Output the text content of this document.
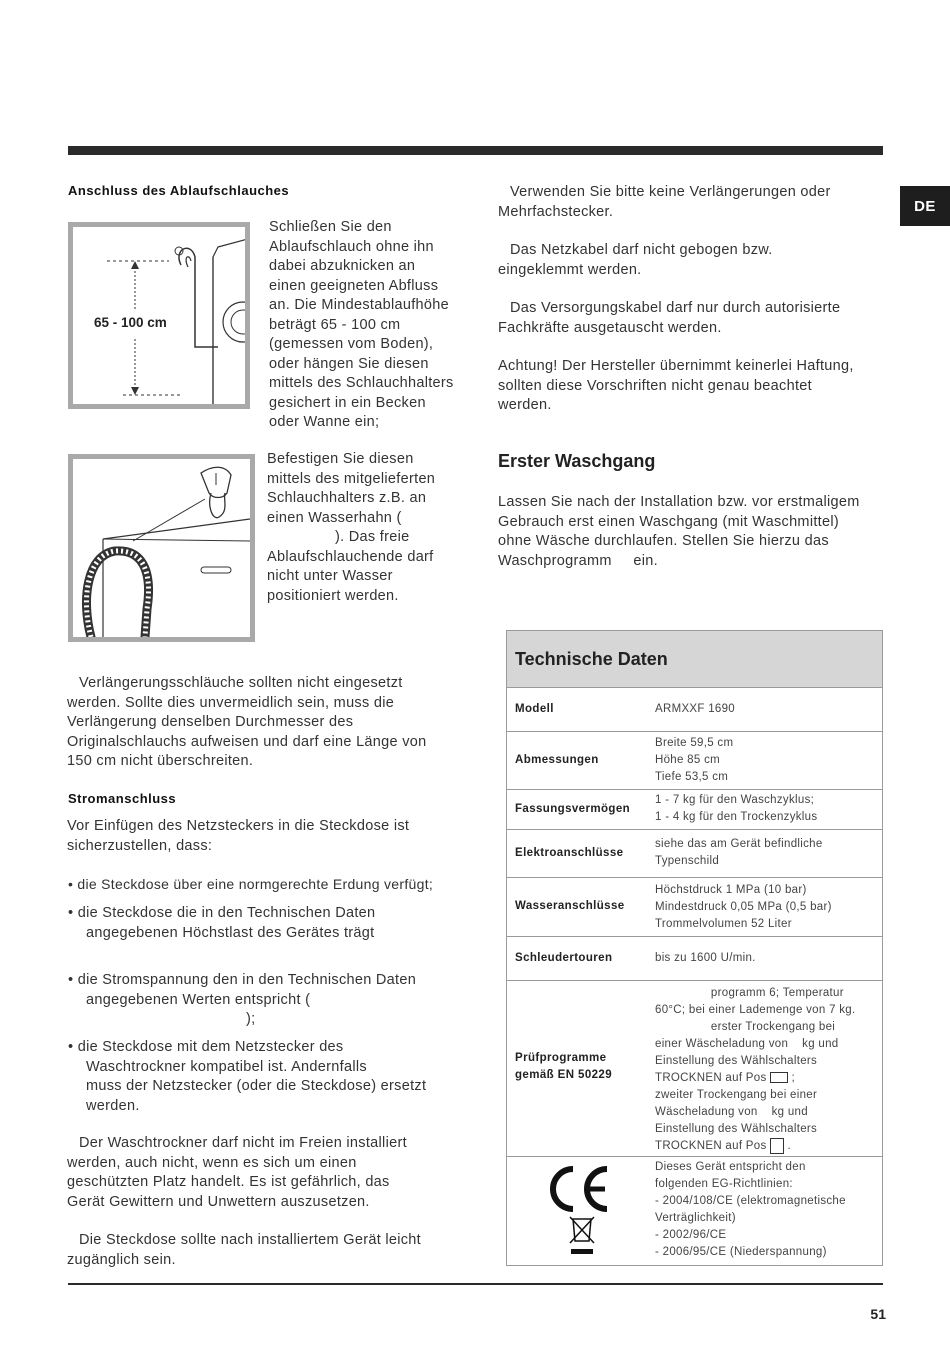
DE
51
Anschluss des Ablaufschlauches
65 - 100 cm
Schließen Sie den
Ablaufschlauch ohne ihn
dabei abzuknicken an
einen geeigneten Abfluss
an. Die Mindestablaufhöhe
beträgt 65 - 100 cm
(gemessen vom Boden),
oder hängen Sie diesen
mittels des Schlauchhalters
gesichert in ein Becken
oder Wanne ein;
Befestigen Sie diesen
mittels des mitgelieferten
Schlauchhalters z.B. an
einen Wasserhahn (
). Das freie
Ablaufschlauchende darf
nicht unter Wasser
positioniert werden.
Verlängerungsschläuche sollten nicht eingesetzt
werden. Sollte dies unvermeidlich sein, muss die
Verlängerung denselben Durchmesser des
Originalschlauchs aufweisen und darf eine Länge von
150 cm nicht überschreiten.
Stromanschluss
Vor Einfügen des Netzsteckers in die Steckdose ist
sicherzustellen, dass:
• die Steckdose über eine normgerechte Erdung verfügt;
• die Steckdose die in den Technischen Daten
angegebenen Höchstlast des Gerätes trägt
• die Stromspannung den in den Technischen Daten
angegebenen Werten entspricht (
);
• die Steckdose mit dem Netzstecker des
Waschtrockner kompatibel ist. Andernfalls
muss der Netzstecker (oder die Steckdose) ersetzt
werden.
Der Waschtrockner darf nicht im Freien installiert
werden, auch nicht, wenn es sich um einen
geschützten Platz handelt. Es ist gefährlich, das
Gerät Gewittern und Unwettern auszusetzen.
Die Steckdose sollte nach installiertem Gerät leicht
zugänglich sein.
Verwenden Sie bitte keine Verlängerungen oder
Mehrfachstecker.
Das Netzkabel darf nicht gebogen bzw.
eingeklemmt werden.
Das Versorgungskabel darf nur durch autorisierte
Fachkräfte ausgetauscht werden.
Achtung! Der Hersteller übernimmt keinerlei Haftung,
sollten diese Vorschriften nicht genau beachtet
werden.
Erster Waschgang
Lassen Sie nach der Installation bzw. vor erstmaligem
Gebrauch erst einen Waschgang (mit Waschmittel)
ohne Wäsche durchlaufen. Stellen Sie hierzu das
Waschprogramm     ein.
Technische Daten
Modell	ARMXXF 1690
Abmessungen
Breite 59,5 cm
Höhe 85 cm
Tiefe 53,5 cm
Fassungsvermögen
1 - 7 kg für den Waschzyklus;
1 - 4 kg für den Trockenzyklus
Elektroanschlüsse
siehe das am Gerät befindliche
Typenschild
Wasseranschlüsse
Höchstdruck 1 MPa (10 bar)
Mindestdruck 0,05 MPa (0,5 bar)
Trommelvolumen 52 Liter
Schleudertouren	bis zu 1600 U/min.
Prüfprogramme
gemäß EN 50229
programm 6; Temperatur
60°C; bei einer Lademenge von 7 kg.
erster Trockengang bei
einer Wäscheladung von    kg und
Einstellung des Wählschalters
TROCKNEN auf Pos  ;
zweiter Trockengang bei einer
Wäscheladung von    kg und
Einstellung des Wählschalters
TROCKNEN auf Pos  .
Dieses Gerät entspricht den
folgenden EG-Richtlinien:
- 2004/108/CE (elektromagnetische
Verträglichkeit)
- 2002/96/CE
- 2006/95/CE (Niederspannung)
